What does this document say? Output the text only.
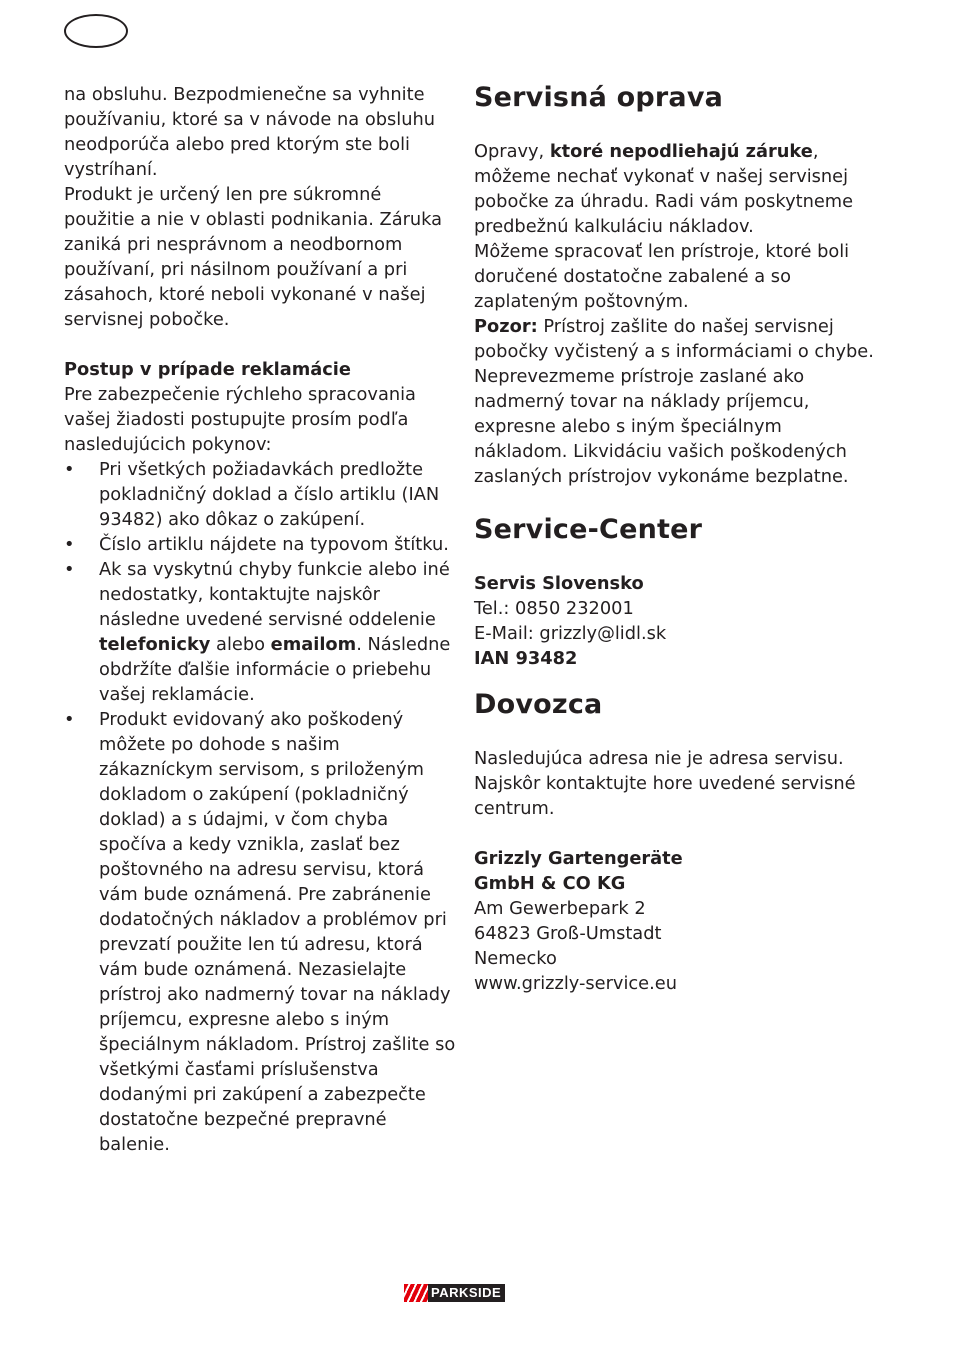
na obsluhu. Bezpodmienečne sa vyhnite používaniu, ktoré sa v návode na obsluhu neodporúča alebo pred ktorým ste boli vystríhaní.

Produkt je určený len pre súkromné použitie a nie v oblasti podnikania. Záruka zaniká pri nesprávnom a neodbornom používaní, pri násilnom používaní a pri zásahoch, ktoré neboli vykonané v našej servisnej pobočke.

Postup v prípade reklamácie

Pre zabezpečenie rýchleho spracovania vašej žiadosti postupujte prosím podľa nasledujúcich pokynov:

• Pri všetkých požiadavkách predložte pokladničný doklad a číslo artiklu (IAN 93482) ako dôkaz o zakúpení.
• Číslo artiklu nájdete na typovom štítku.
• Ak sa vyskytnú chyby funkcie alebo iné nedostatky, kontaktujte najskôr následne uvedené servisné oddelenie telefonicky alebo emailom. Následne obdržíte ďalšie informácie o priebehu vašej reklamácie.
• Produkt evidovaný ako poškodený môžete po dohode s našim zákazníckym servisom, s priloženým dokladom o zakúpení (pokladničný doklad) a s údajmi, v čom chyba spočíva a kedy vznikla, zaslať bez poštovného na adresu servisu, ktorá vám bude oznámená. Pre zabránenie dodatočných nákladov a problémov pri prevzatí použite len tú adresu, ktorá vám bude oznámená. Nezasielajte prístroj ako nadmerný tovar na náklady príjemcu, expresne alebo s iným špeciálnym nákladom. Prístroj zašlite so všetkými časťami príslušenstva dodanými pri zakúpení a zabezpečte dostatočne bezpečné prepravné balenie.
Servisná oprava

Opravy, ktoré nepodliehajú záruke, môžeme nechať vykonať v našej servisnej pobočke za úhradu. Radi vám poskytneme predbežnú kalkuláciu nákladov.

Môžeme spracovať len prístroje, ktoré boli doručené dostatočne zabalené a so zaplateným poštovným.

Pozor: Prístroj zašlite do našej servisnej pobočky vyčistený a s informáciami o chybe. Neprevezmeme prístroje zaslané ako nadmerný tovar na náklady príjemcu, expresne alebo s iným špeciálnym nákladom. Likvidáciu vašich poškodených zaslaných prístrojov vykonáme bezplatne.

Service-Center

Servis Slovensko

Tel.: 0850 232001

E-Mail: grizzly@lidl.sk

IAN 93482

Dovozca

Nasledujúca adresa nie je adresa servisu. Najskôr kontaktujte hore uvedené servisné centrum.

Grizzly Gartengeräte

GmbH & CO KG

Am Gewerbepark 2

64823 Groß-Umstadt

Nemecko

www.grizzly-service.eu

PARKSIDE
